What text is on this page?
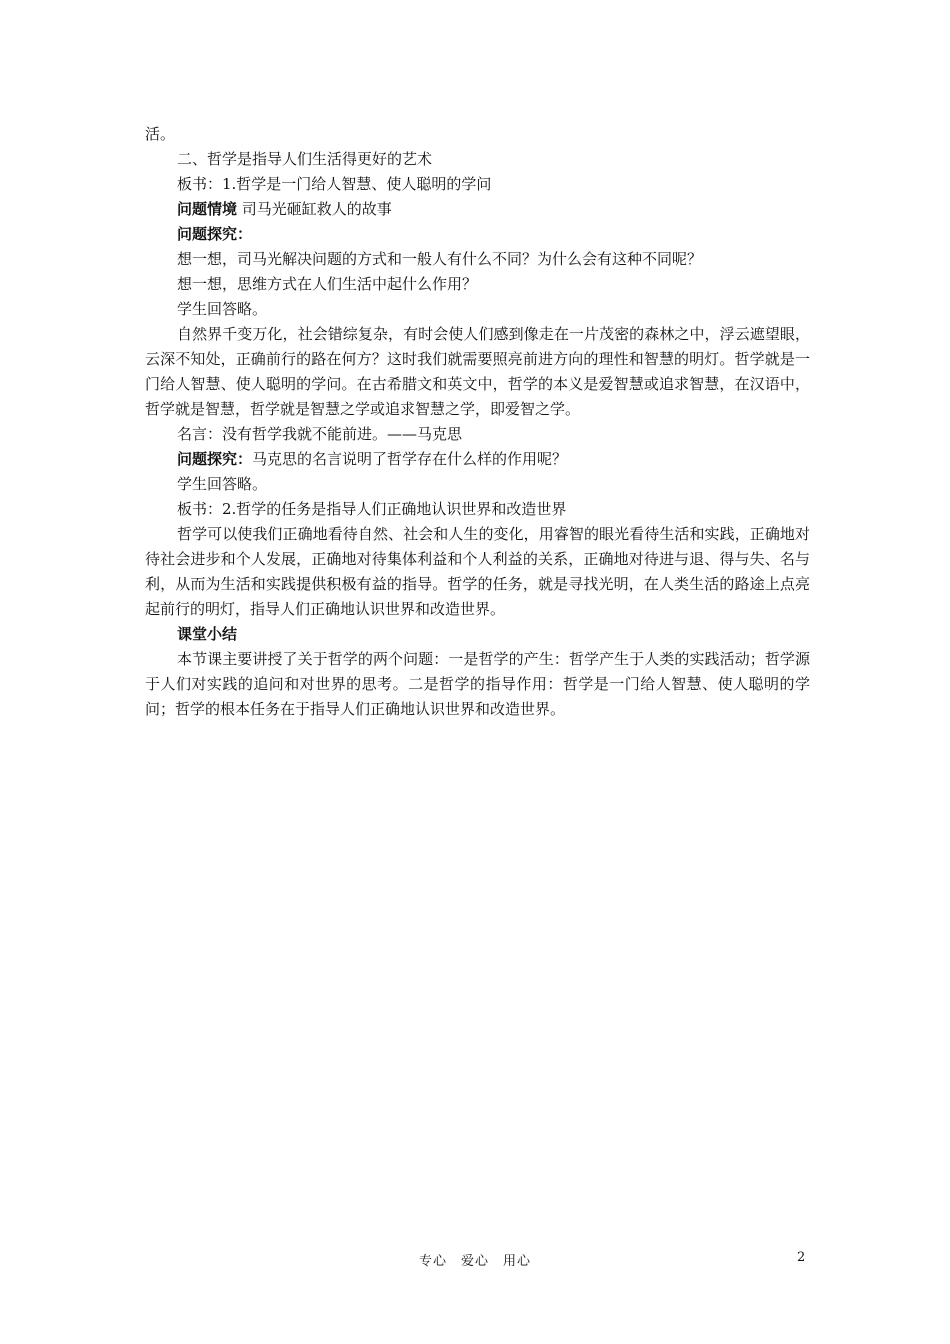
活。

二、哲学是指导人们生活得更好的艺术

板书：1.哲学是一门给人智慧、使人聪明的学问

问题情境 司马光砸缸救人的故事

问题探究：

想一想，司马光解决问题的方式和一般人有什么不同？为什么会有这种不同呢？

想一想，思维方式在人们生活中起什么作用？

学生回答略。

自然界千变万化，社会错综复杂，有时会使人们感到像走在一片茂密的森林之中，浮云遮望眼，云深不知处，正确前行的路在何方？这时我们就需要照亮前进方向的理性和智慧的明灯。哲学就是一门给人智慧、使人聪明的学问。在古希腊文和英文中，哲学的本义是爱智慧或追求智慧，在汉语中，哲学就是智慧，哲学就是智慧之学或追求智慧之学，即爱智之学。

名言：没有哲学我就不能前进。——马克思

问题探究：马克思的名言说明了哲学存在什么样的作用呢？

学生回答略。

板书：2.哲学的任务是指导人们正确地认识世界和改造世界

哲学可以使我们正确地看待自然、社会和人生的变化，用睿智的眼光看待生活和实践，正确地对待社会进步和个人发展，正确地对待集体利益和个人利益的关系，正确地对待进与退、得与失、名与利，从而为生活和实践提供积极有益的指导。哲学的任务，就是寻找光明，在人类生活的路途上点亮起前行的明灯，指导人们正确地认识世界和改造世界。

课堂小结

本节课主要讲授了关于哲学的两个问题：一是哲学的产生：哲学产生于人类的实践活动；哲学源于人们对实践的追问和对世界的思考。二是哲学的指导作用：哲学是一门给人智慧、使人聪明的学问；哲学的根本任务在于指导人们正确地认识世界和改造世界。

专心　爱心　用心	2
